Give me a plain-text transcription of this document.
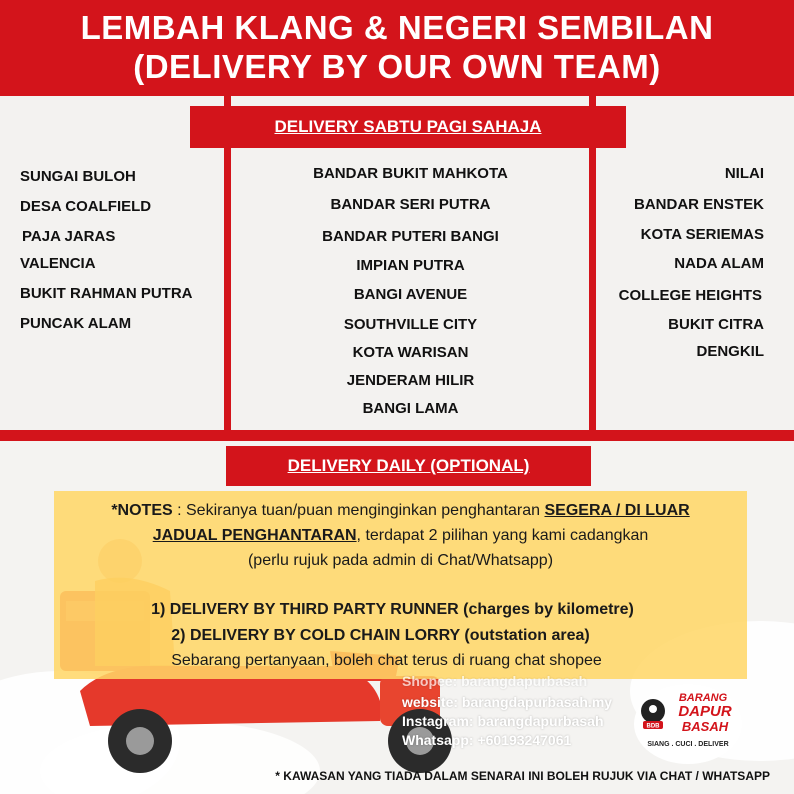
LEMBAH KLANG & NEGERI SEMBILAN
(DELIVERY BY OUR OWN TEAM)
DELIVERY SABTU PAGI SAHAJA
SUNGAI BULOH
DESA COALFIELD
PAJA JARAS
VALENCIA
BUKIT RAHMAN PUTRA
PUNCAK ALAM
BANDAR BUKIT MAHKOTA
BANDAR SERI PUTRA
BANDAR PUTERI BANGI
IMPIAN PUTRA
BANGI AVENUE
SOUTHVILLE CITY
KOTA WARISAN
JENDERAM HILIR
BANGI LAMA
NILAI
BANDAR ENSTEK
KOTA SERIEMAS
NADA ALAM
COLLEGE HEIGHTS
BUKIT CITRA
DENGKIL
DELIVERY DAILY (OPTIONAL)
*NOTES : Sekiranya tuan/puan menginginkan penghantaran SEGERA / DI LUAR
JADUAL PENGHANTARAN, terdapat 2 pilihan yang kami cadangkan
(perlu rujuk pada admin di Chat/Whatsapp)
1) DELIVERY BY THIRD PARTY RUNNER (charges by kilometre)
2) DELIVERY BY COLD CHAIN LORRY (outstation area)
Sebarang pertanyaan, boleh chat terus di ruang chat shopee
Shopee: barangdapurbasah
website: barangdapurbasah.my
Instagram: barangdapurbasah
Whatsapp: +60193247061
BDB
BARANG
DAPUR
BASAH
SIANG . CUCI . DELIVER
* KAWASAN YANG TIADA DALAM SENARAI INI BOLEH RUJUK VIA CHAT / WHATSAPP
